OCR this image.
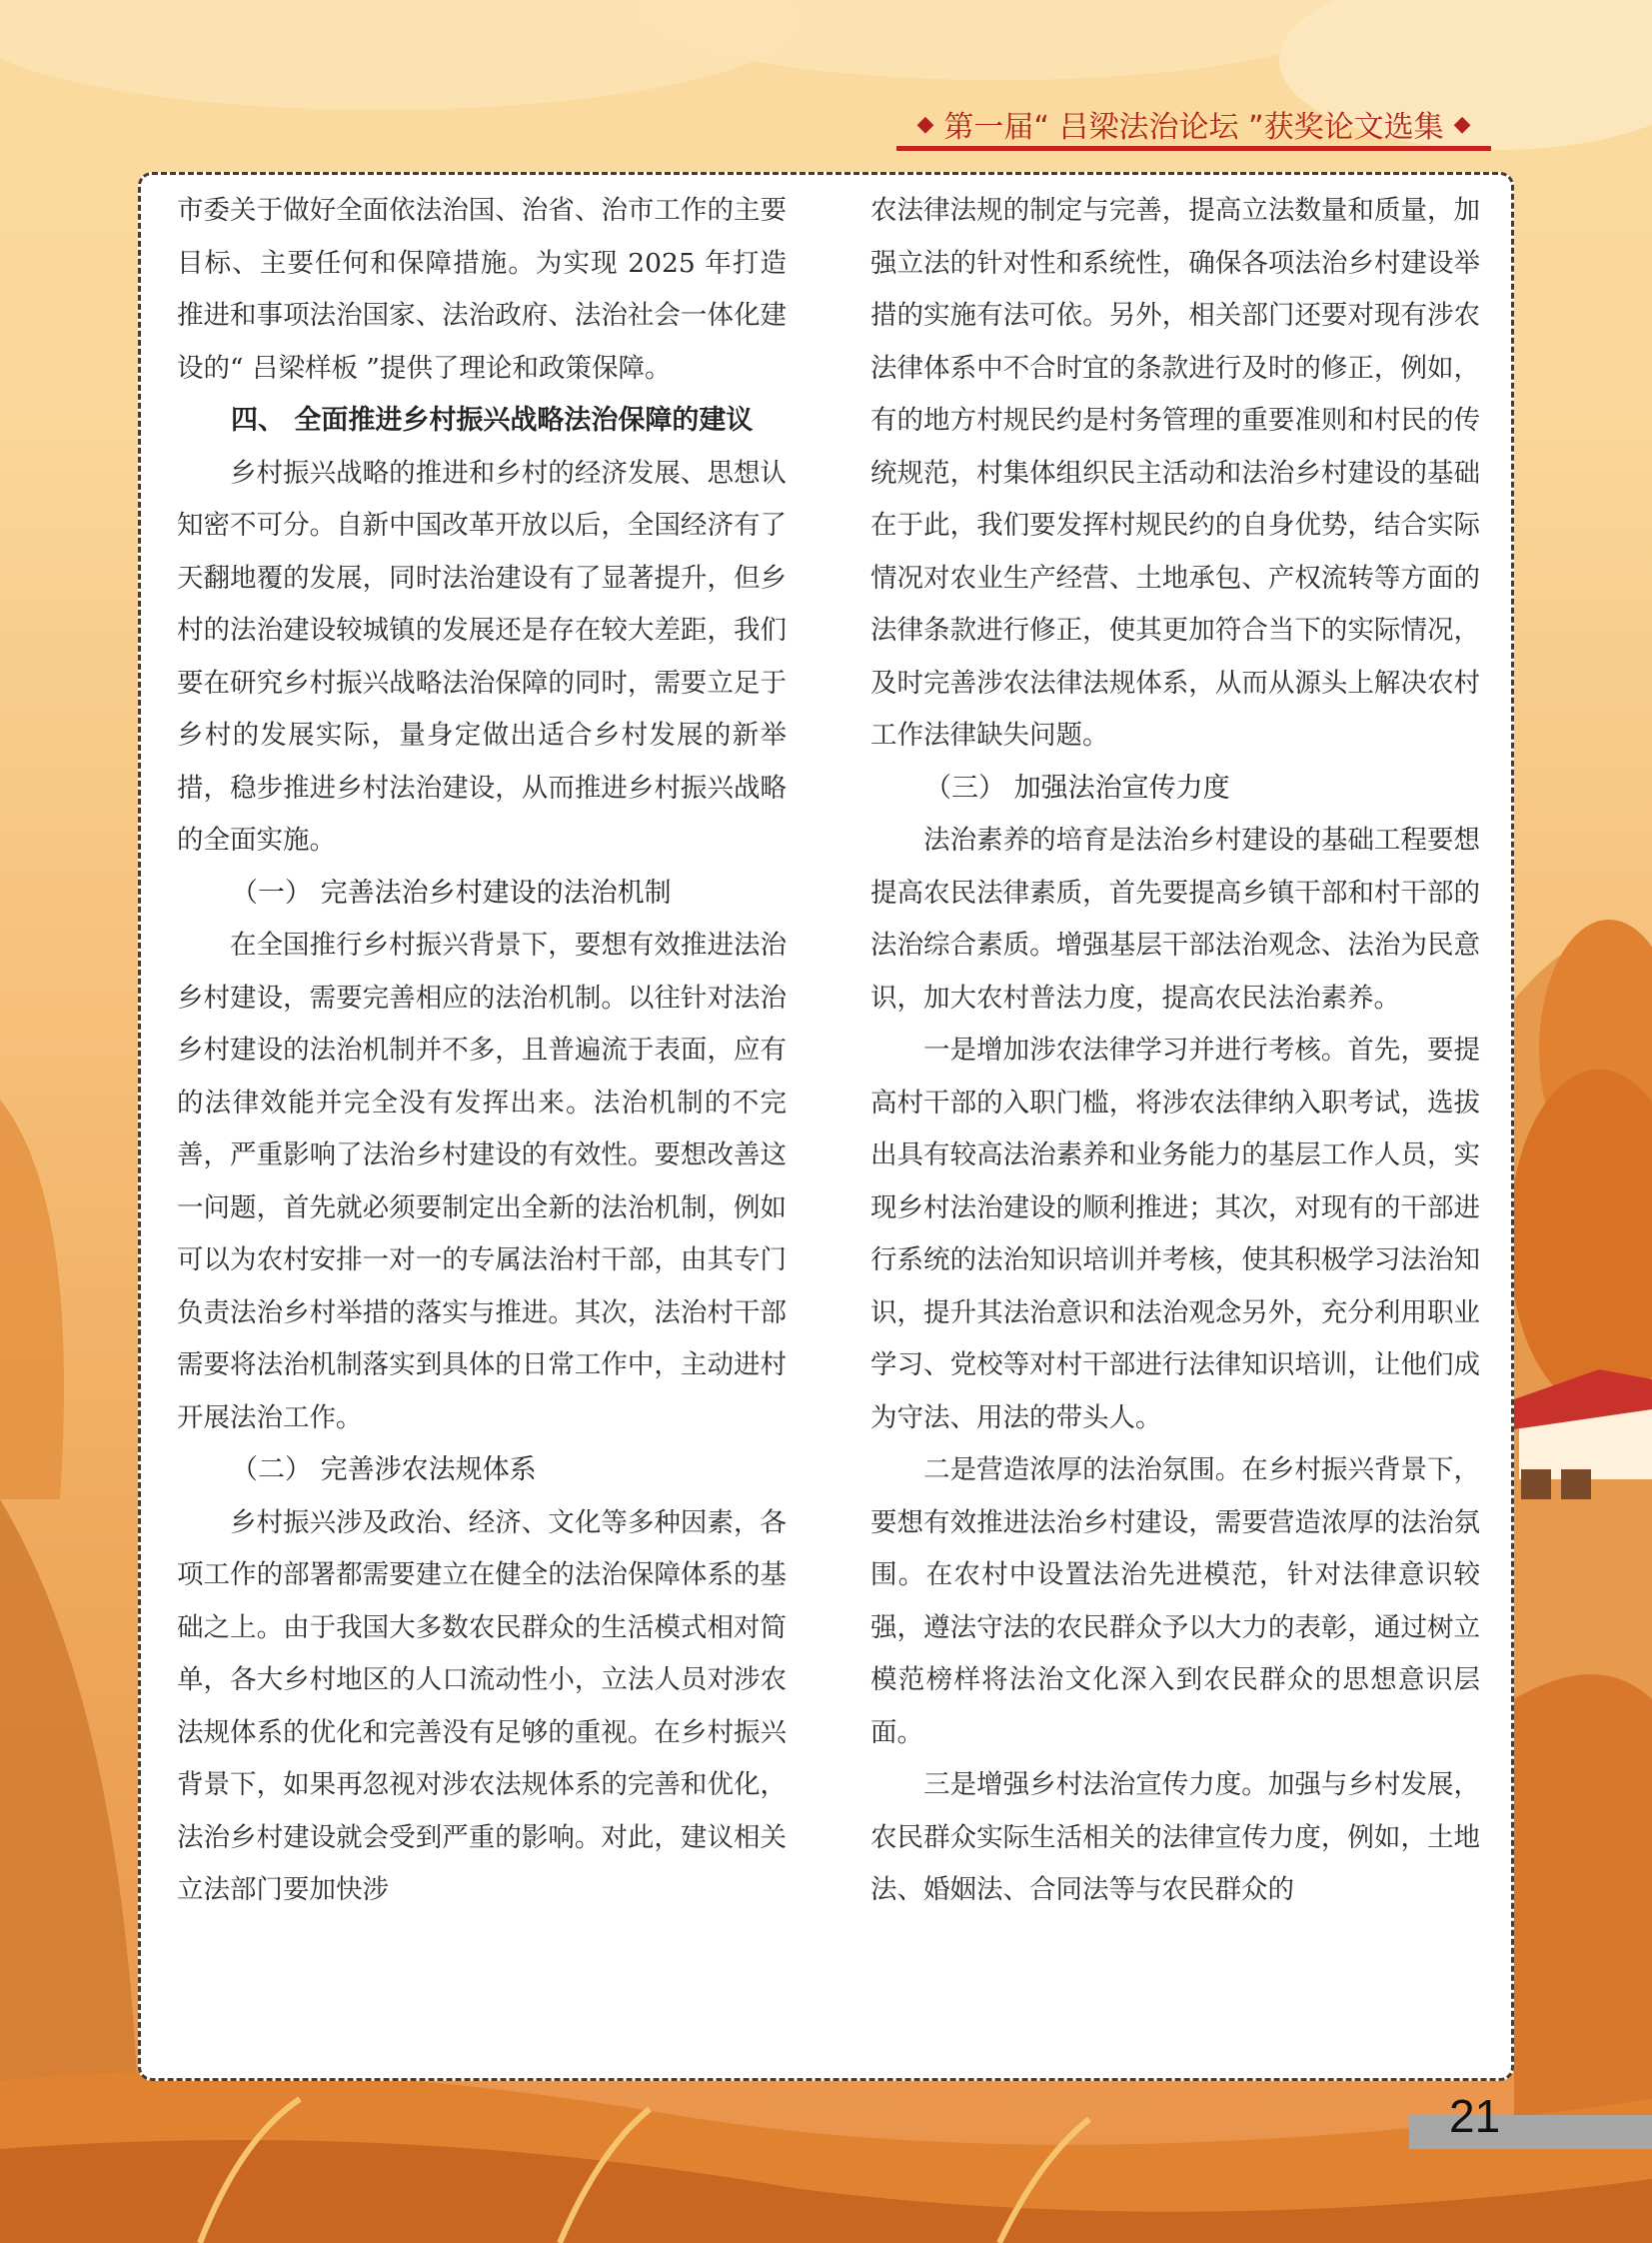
◆ 第一届“ 吕梁法治论坛 ”获奖论文选集 ◆

市委关于做好全面依法治国、治省、治市工作的主要目标、主要任何和保障措施。为实现 2025 年打造推进和事项法治国家、法治政府、法治社会一体化建设的“ 吕梁样板 ”提供了理论和政策保障。

四、 全面推进乡村振兴战略法治保障的建议

乡村振兴战略的推进和乡村的经济发展、思想认知密不可分。自新中国改革开放以后，全国经济有了天翻地覆的发展，同时法治建设有了显著提升，但乡村的法治建设较城镇的发展还是存在较大差距，我们要在研究乡村振兴战略法治保障的同时，需要立足于乡村的发展实际，量身定做出适合乡村发展的新举措，稳步推进乡村法治建设，从而推进乡村振兴战略的全面实施。

（一） 完善法治乡村建设的法治机制

在全国推行乡村振兴背景下，要想有效推进法治乡村建设，需要完善相应的法治机制。以往针对法治乡村建设的法治机制并不多，且普遍流于表面，应有的法律效能并完全没有发挥出来。法治机制的不完善，严重影响了法治乡村建设的有效性。要想改善这一问题，首先就必须要制定出全新的法治机制，例如可以为农村安排一对一的专属法治村干部，由其专门负责法治乡村举措的落实与推进。其次，法治村干部需要将法治机制落实到具体的日常工作中，主动进村开展法治工作。

（二） 完善涉农法规体系

乡村振兴涉及政治、经济、文化等多种因素，各项工作的部署都需要建立在健全的法治保障体系的基础之上。由于我国大多数农民群众的生活模式相对简单，各大乡村地区的人口流动性小，立法人员对涉农法规体系的优化和完善没有足够的重视。在乡村振兴背景下，如果再忽视对涉农法规体系的完善和优化，法治乡村建设就会受到严重的影响。对此，建议相关立法部门要加快涉

农法律法规的制定与完善，提高立法数量和质量，加强立法的针对性和系统性，确保各项法治乡村建设举措的实施有法可依。另外，相关部门还要对现有涉农法律体系中不合时宜的条款进行及时的修正，例如，有的地方村规民约是村务管理的重要准则和村民的传统规范，村集体组织民主活动和法治乡村建设的基础在于此，我们要发挥村规民约的自身优势，结合实际情况对农业生产经营、土地承包、产权流转等方面的法律条款进行修正，使其更加符合当下的实际情况，及时完善涉农法律法规体系，从而从源头上解决农村工作法律缺失问题。

（三） 加强法治宣传力度

法治素养的培育是法治乡村建设的基础工程要想提高农民法律素质，首先要提高乡镇干部和村干部的法治综合素质。增强基层干部法治观念、法治为民意识，加大农村普法力度，提高农民法治素养。

一是增加涉农法律学习并进行考核。首先，要提高村干部的入职门槛，将涉农法律纳入职考试，选拔出具有较高法治素养和业务能力的基层工作人员，实现乡村法治建设的顺利推进；其次，对现有的干部进行系统的法治知识培训并考核，使其积极学习法治知识，提升其法治意识和法治观念另外，充分利用职业学习、党校等对村干部进行法律知识培训，让他们成为守法、用法的带头人。

二是营造浓厚的法治氛围。在乡村振兴背景下，要想有效推进法治乡村建设，需要营造浓厚的法治氛围。在农村中设置法治先进模范，针对法律意识较强，遵法守法的农民群众予以大力的表彰，通过树立模范榜样将法治文化深入到农民群众的思想意识层面。

三是增强乡村法治宣传力度。加强与乡村发展，农民群众实际生活相关的法律宣传力度，例如，土地法、婚姻法、合同法等与农民群众的

21
